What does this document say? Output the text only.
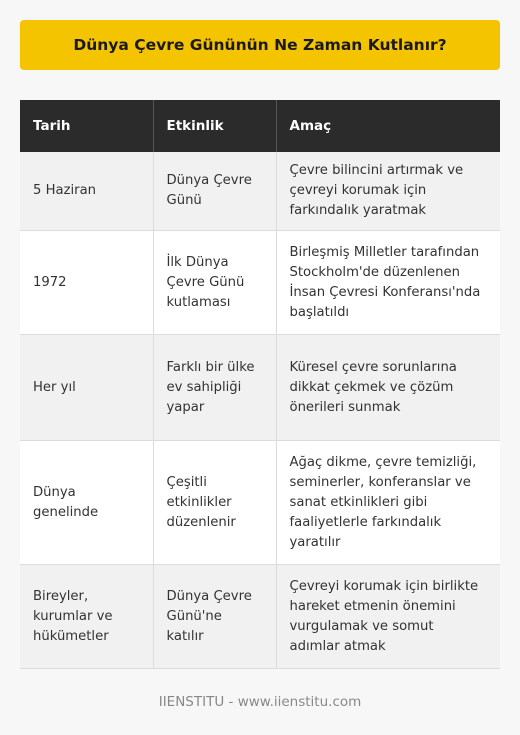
Dünya Çevre Gününün Ne Zaman Kutlanır?
Tarih	Etkinlik	Amaç
5 Haziran	Dünya Çevre Günü	Çevre bilincini artırmak ve çevreyi korumak için farkındalık yaratmak
1972	İlk Dünya Çevre Günü kutlaması	Birleşmiş Milletler tarafından Stockholm'de düzenlenen İnsan Çevresi Konferansı'nda başlatıldı
Her yıl	Farklı bir ülke ev sahipliği yapar	Küresel çevre sorunlarına dikkat çekmek ve çözüm önerileri sunmak
Dünya genelinde	Çeşitli etkinlikler düzenlenir	Ağaç dikme, çevre temizliği, seminerler, konferanslar ve sanat etkinlikleri gibi faaliyetlerle farkındalık yaratılır
Bireyler, kurumlar ve hükümetler	Dünya Çevre Günü'ne katılır	Çevreyi korumak için birlikte hareket etmenin önemini vurgulamak ve somut adımlar atmak
IIENSTITU - www.iienstitu.com
